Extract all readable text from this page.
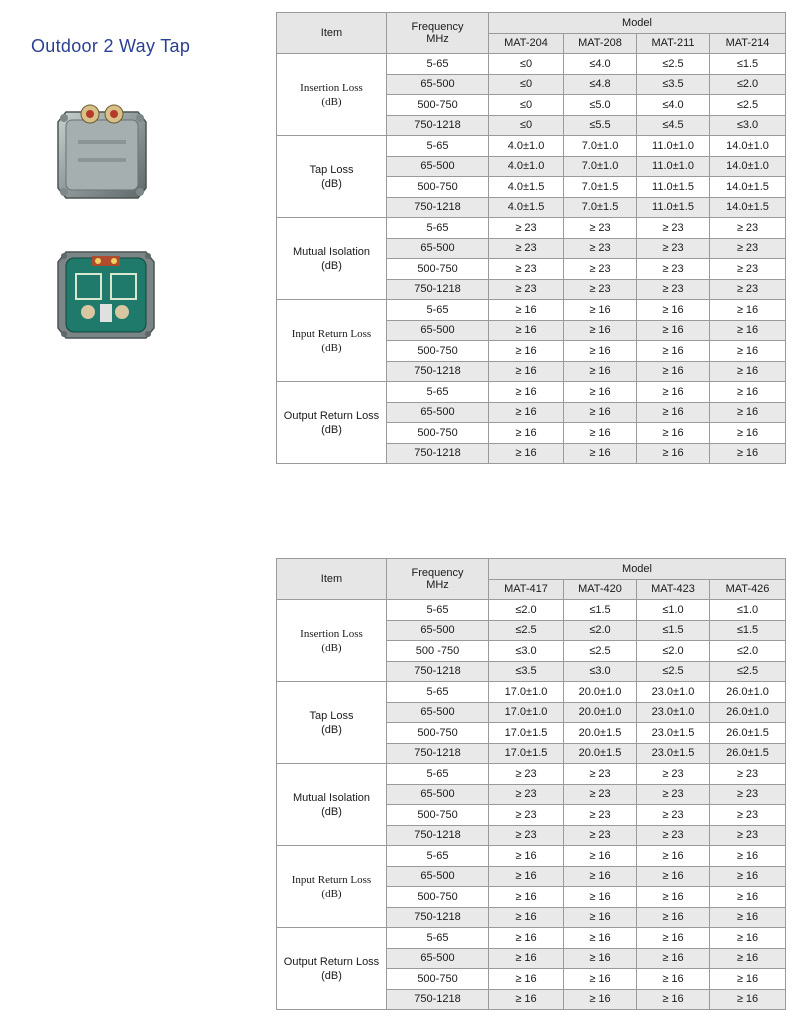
Outdoor 2 Way Tap
Item	Frequency
MHz	Model			
		MAT-204	MAT-208	MAT-211	MAT-214
Insertion Loss
(dB)	5-65	≤0	≤4.0	≤2.5	≤1.5
	65-500	≤0	≤4.8	≤3.5	≤2.0
	500-750	≤0	≤5.0	≤4.0	≤2.5
	750-1218	≤0	≤5.5	≤4.5	≤3.0
Tap Loss
(dB)	5-65	4.0±1.0	7.0±1.0	11.0±1.0	14.0±1.0
	65-500	4.0±1.0	7.0±1.0	11.0±1.0	14.0±1.0
	500-750	4.0±1.5	7.0±1.5	11.0±1.5	14.0±1.5
	750-1218	4.0±1.5	7.0±1.5	11.0±1.5	14.0±1.5
Mutual Isolation
(dB)	5-65	≥ 23	≥ 23	≥ 23	≥ 23
	65-500	≥ 23	≥ 23	≥ 23	≥ 23
	500-750	≥ 23	≥ 23	≥ 23	≥ 23
	750-1218	≥ 23	≥ 23	≥ 23	≥ 23
Input Return Loss
(dB)	5-65	≥ 16	≥ 16	≥ 16	≥ 16
	65-500	≥ 16	≥ 16	≥ 16	≥ 16
	500-750	≥ 16	≥ 16	≥ 16	≥ 16
	750-1218	≥ 16	≥ 16	≥ 16	≥ 16
Output Return Loss
(dB)	5-65	≥ 16	≥ 16	≥ 16	≥ 16
	65-500	≥ 16	≥ 16	≥ 16	≥ 16
	500-750	≥ 16	≥ 16	≥ 16	≥ 16
	750-1218	≥ 16	≥ 16	≥ 16	≥ 16
Item	Frequency
MHz	Model			
		MAT-417	MAT-420	MAT-423	MAT-426
Insertion Loss
(dB)	5-65	≤2.0	≤1.5	≤1.0	≤1.0
	65-500	≤2.5	≤2.0	≤1.5	≤1.5
	500 -750	≤3.0	≤2.5	≤2.0	≤2.0
	750-1218	≤3.5	≤3.0	≤2.5	≤2.5
Tap Loss
(dB)	5-65	17.0±1.0	20.0±1.0	23.0±1.0	26.0±1.0
	65-500	17.0±1.0	20.0±1.0	23.0±1.0	26.0±1.0
	500-750	17.0±1.5	20.0±1.5	23.0±1.5	26.0±1.5
	750-1218	17.0±1.5	20.0±1.5	23.0±1.5	26.0±1.5
Mutual Isolation
(dB)	5-65	≥ 23	≥ 23	≥ 23	≥ 23
	65-500	≥ 23	≥ 23	≥ 23	≥ 23
	500-750	≥ 23	≥ 23	≥ 23	≥ 23
	750-1218	≥ 23	≥ 23	≥ 23	≥ 23
Input Return Loss
(dB)	5-65	≥ 16	≥ 16	≥ 16	≥ 16
	65-500	≥ 16	≥ 16	≥ 16	≥ 16
	500-750	≥ 16	≥ 16	≥ 16	≥ 16
	750-1218	≥ 16	≥ 16	≥ 16	≥ 16
Output Return Loss
(dB)	5-65	≥ 16	≥ 16	≥ 16	≥ 16
	65-500	≥ 16	≥ 16	≥ 16	≥ 16
	500-750	≥ 16	≥ 16	≥ 16	≥ 16
	750-1218	≥ 16	≥ 16	≥ 16	≥ 16
